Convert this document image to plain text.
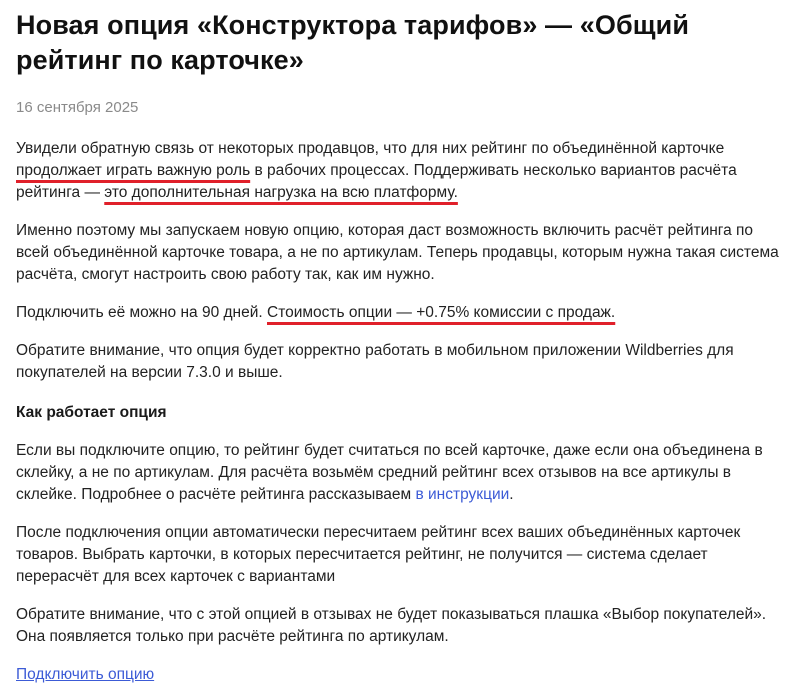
Новая опция «Конструктора тарифов» — «Общий рейтинг по карточке»
16 сентября 2025

Увидели обратную связь от некоторых продавцов, что для них рейтинг по объединённой карточке продолжает играть важную роль в рабочих процессах. Поддерживать несколько вариантов расчёта рейтинга — это дополнительная нагрузка на всю платформу.

Именно поэтому мы запускаем новую опцию, которая даст возможность включить расчёт рейтинга по всей объединённой карточке товара, а не по артикулам. Теперь продавцы, которым нужна такая система расчёта, смогут настроить свою работу так, как им нужно.

Подключить её можно на 90 дней. Стоимость опции — +0.75% комиссии с продаж.

Обратите внимание, что опция будет корректно работать в мобильном приложении Wildberries для покупателей на версии 7.3.0 и выше.

Как работает опция

Если вы подключите опцию, то рейтинг будет считаться по всей карточке, даже если она объединена в склейку, а не по артикулам. Для расчёта возьмём средний рейтинг всех отзывов на все артикулы в склейке. Подробнее о расчёте рейтинга рассказываем в инструкции.

После подключения опции автоматически пересчитаем рейтинг всех ваших объединённых карточек товаров. Выбрать карточки, в которых пересчитается рейтинг, не получится — система сделает перерасчёт для всех карточек с вариантами

Обратите внимание, что с этой опцией в отзывах не будет показываться плашка «Выбор покупателей». Она появляется только при расчёте рейтинга по артикулам.

Подключить опцию
